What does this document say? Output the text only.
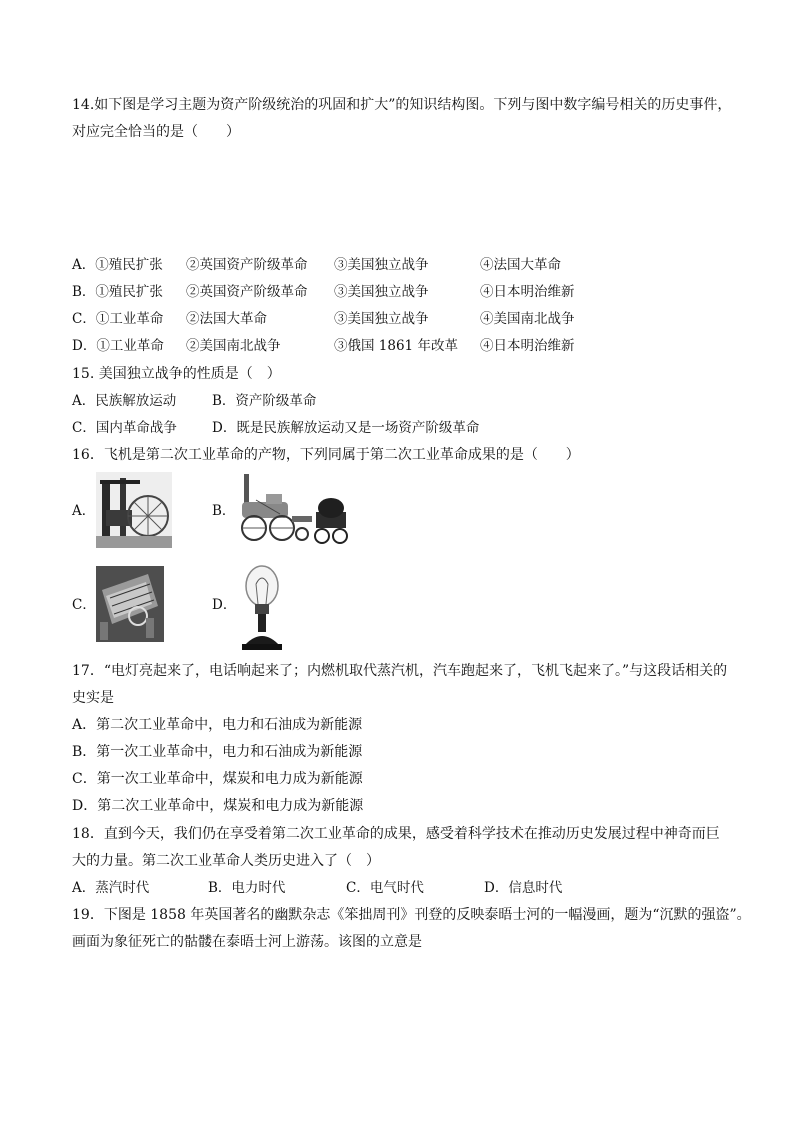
14.如下图是学习主题为资产阶级统治的巩固和扩大”的知识结构图。下列与图中数字编号相关的历史事件，
对应完全恰当的是（　　）
A．①殖民扩张 ②英国资产阶级革命 ③美国独立战争	④法国大革命
B．①殖民扩张 ②英国资产阶级革命 ③美国独立战争	④日本明治维新
C．①工业革命 ②法国大革命	③美国独立战争	④美国南北战争
D．①工业革命 ②美国南北战争	③俄国 1861 年改革 ④日本明治维新
15. 美国独立战争的性质是（　）
A．民族解放运动	B．资产阶级革命
C．国内革命战争	D．既是民族解放运动又是一场资产阶级革命
16．飞机是第二次工业革命的产物，下列同属于第二次工业革命成果的是（　　）
A．	B．
C．	D．
17．“电灯亮起来了，电话响起来了；内燃机取代蒸汽机，汽车跑起来了，飞机飞起来了。”与这段话相关的
史实是
A．第二次工业革命中，电力和石油成为新能源
B．第一次工业革命中，电力和石油成为新能源
C．第一次工业革命中，煤炭和电力成为新能源
D．第二次工业革命中，煤炭和电力成为新能源
18．直到今天，我们仍在享受着第二次工业革命的成果，感受着科学技术在推动历史发展过程中神奇而巨
大的力量。第二次工业革命人类历史进入了（　）
A．蒸汽时代	B．电力时代	C．电气时代	D．信息时代
19．下图是 1858 年英国著名的幽默杂志《笨拙周刊》刊登的反映泰晤士河的一幅漫画，题为“沉默的强盗”。
画面为象征死亡的骷髅在泰晤士河上游荡。该图的立意是
